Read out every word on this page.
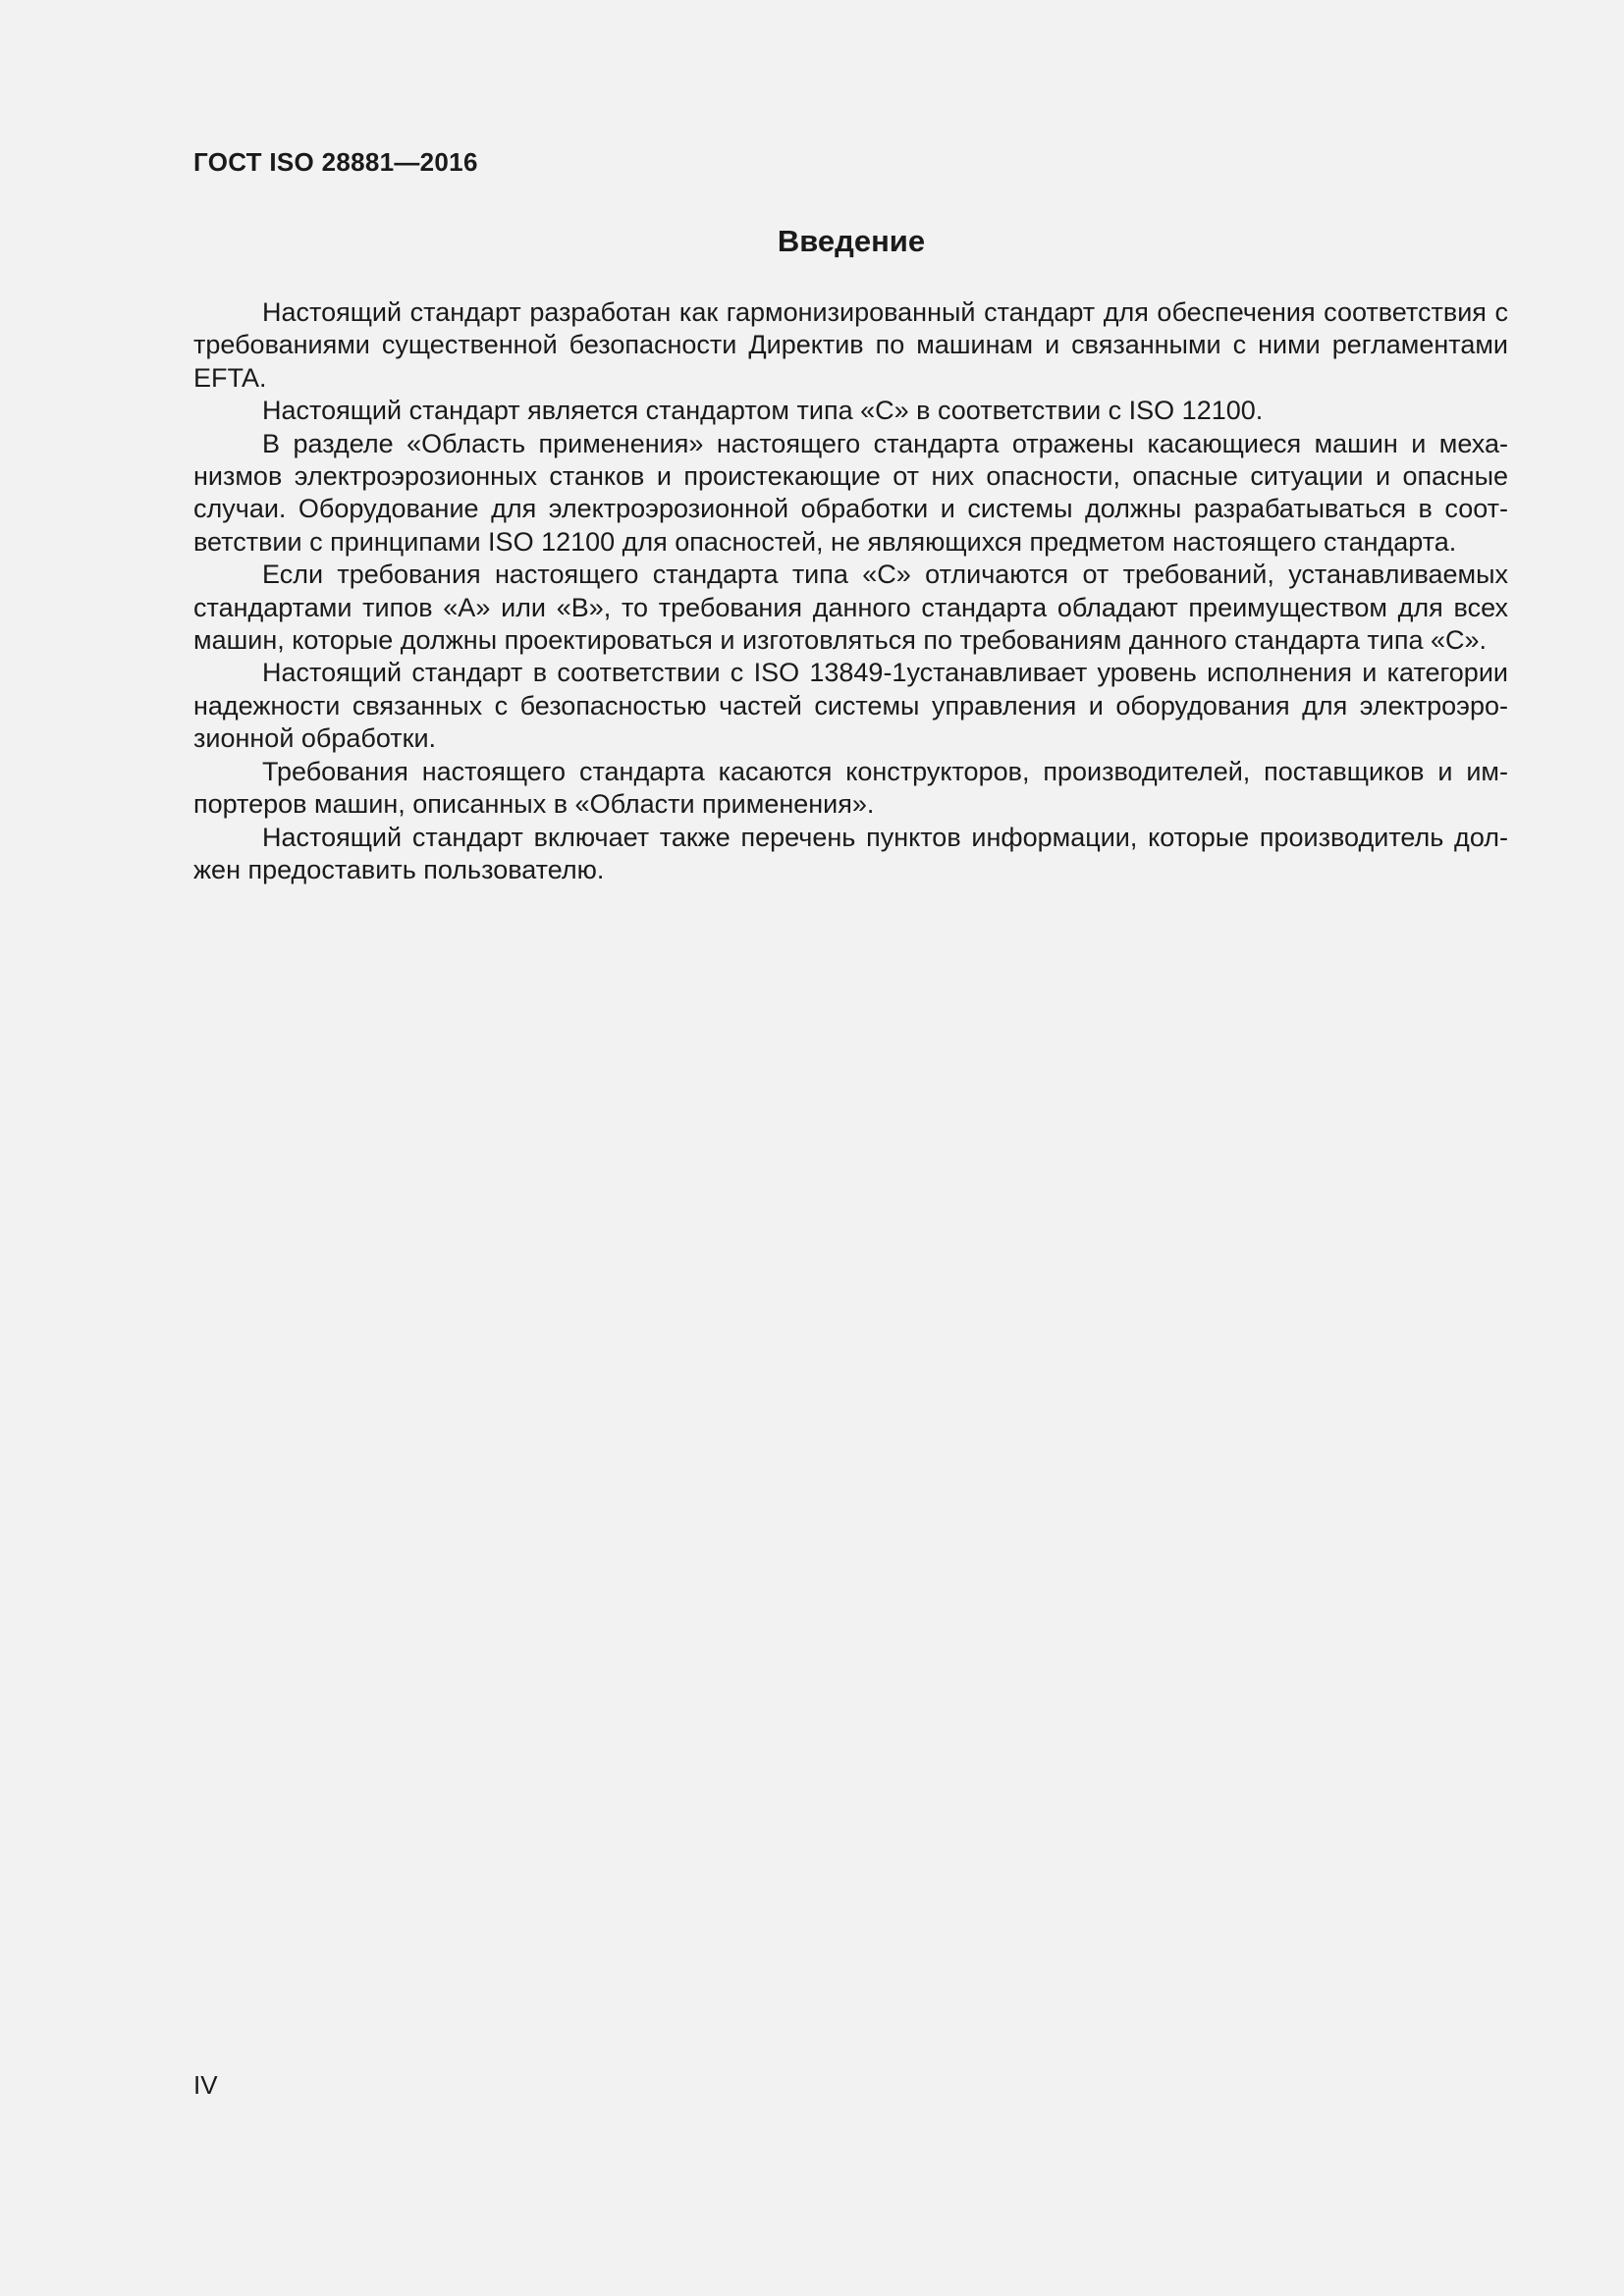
ГОСТ ISO 28881—2016
Введение

Настоящий стандарт разработан как гармонизированный стандарт для обеспечения соответствия с требованиями существенной безопасности Директив по машинам и связанными с ними регламентами EFTA.

Настоящий стандарт является стандартом типа «С» в соответствии с ISO 12100.

В разделе «Область применения» настоящего стандарта отражены касающиеся машин и механизмов электроэрозионных станков и проистекающие от них опасности, опасные ситуации и опасные случаи. Оборудование для электроэрозионной обработки и системы должны разрабатываться в соответствии с принципами ISO 12100 для опасностей, не являющихся предметом настоящего стандарта.

Если требования настоящего стандарта типа «С» отличаются от требований, устанавливаемых стандартами типов «А» или «В», то требования данного стандарта обладают преимуществом для всех машин, которые должны проектироваться и изготовляться по требованиям данного стандарта типа «С».

Настоящий стандарт в соответствии с ISO 13849-1устанавливает уровень исполнения и категории надежности связанных с безопасностью частей системы управления и оборудования для электроэрозионной обработки.

Требования настоящего стандарта касаются конструкторов, производителей, поставщиков и импортеров машин, описанных в «Области применения».

Настоящий стандарт включает также перечень пунктов информации, которые производитель должен предоставить пользователю.

IV
